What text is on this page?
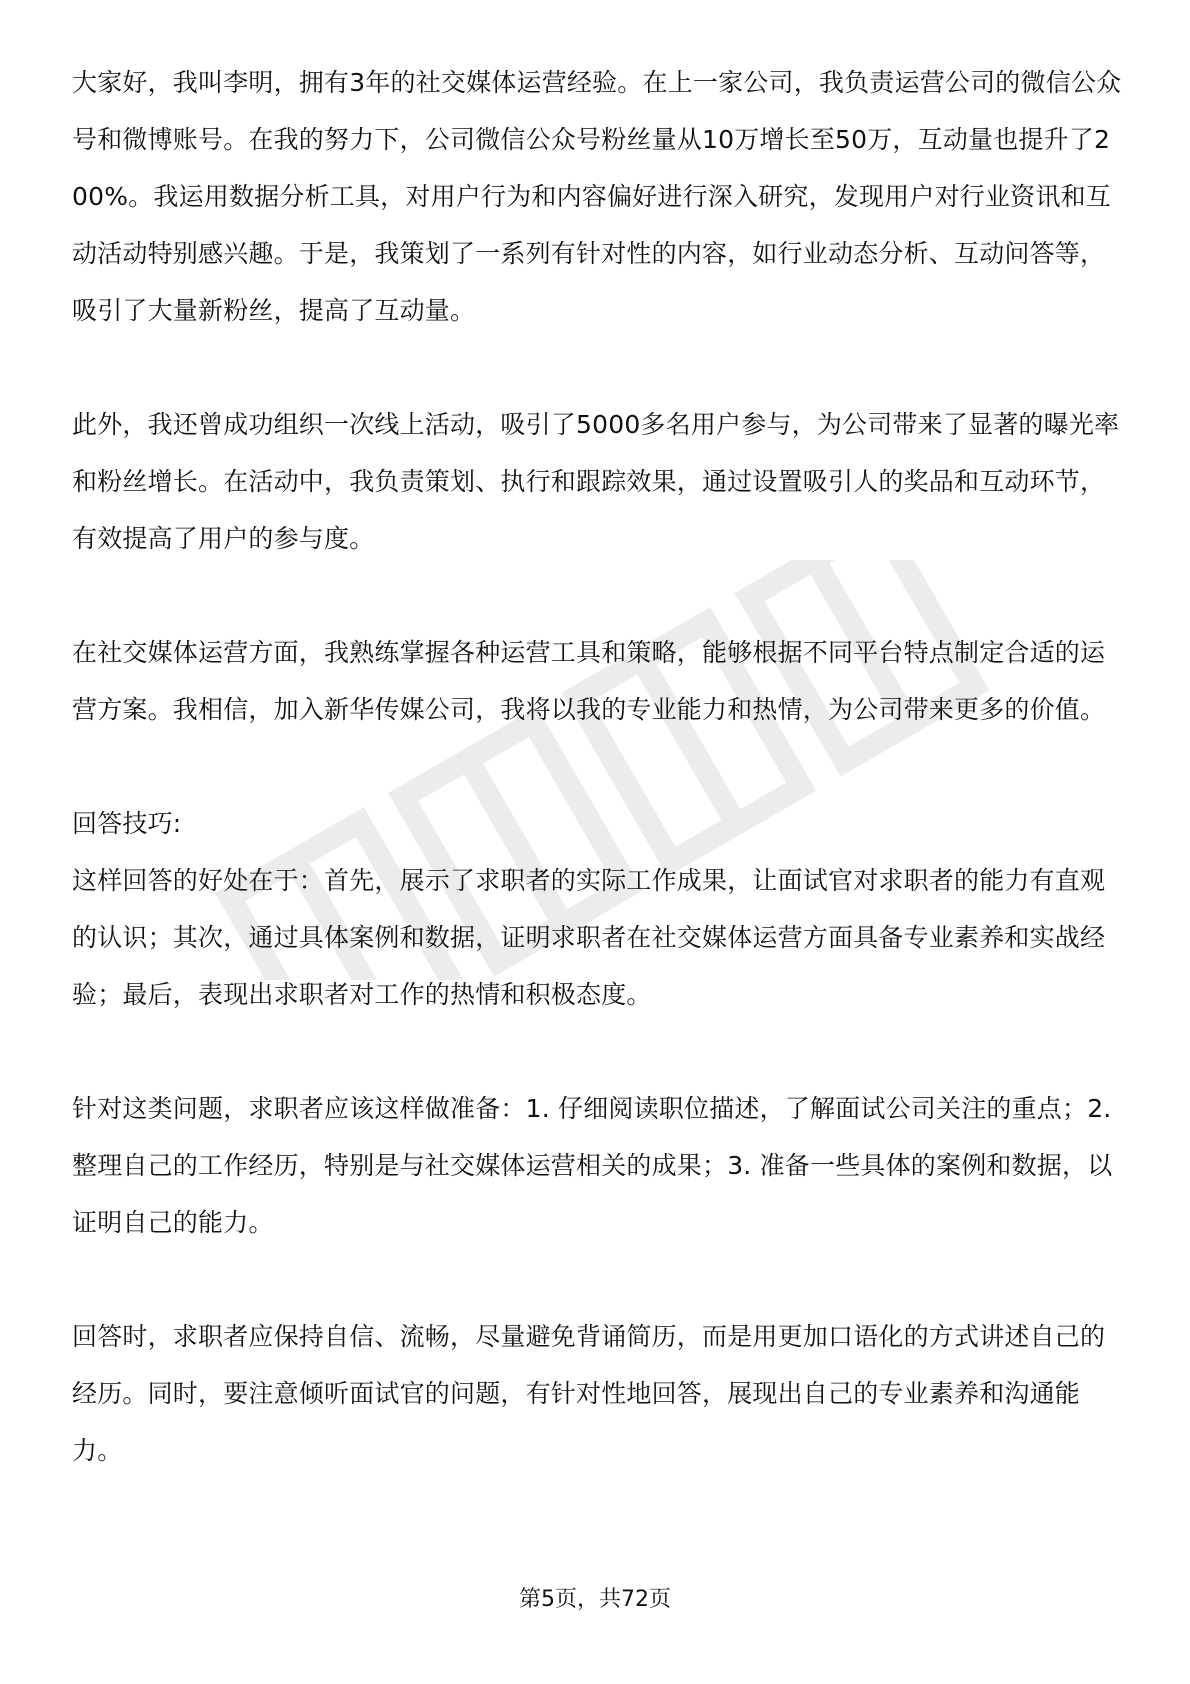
大家好，我叫李明，拥有3年的社交媒体运营经验。在上一家公司，我负责运营公司的微信公众号和微博账号。在我的努力下，公司微信公众号粉丝量从10万增长至50万，互动量也提升了200%。我运用数据分析工具，对用户行为和内容偏好进行深入研究，发现用户对行业资讯和互动活动特别感兴趣。于是，我策划了一系列有针对性的内容，如行业动态分析、互动问答等，吸引了大量新粉丝，提高了互动量。

此外，我还曾成功组织一次线上活动，吸引了5000多名用户参与，为公司带来了显著的曝光率和粉丝增长。在活动中，我负责策划、执行和跟踪效果，通过设置吸引人的奖品和互动环节，有效提高了用户的参与度。

在社交媒体运营方面，我熟练掌握各种运营工具和策略，能够根据不同平台特点制定合适的运营方案。我相信，加入新华传媒公司，我将以我的专业能力和热情，为公司带来更多的价值。

回答技巧:

这样回答的好处在于：首先，展示了求职者的实际工作成果，让面试官对求职者的能力有直观的认识；其次，通过具体案例和数据，证明求职者在社交媒体运营方面具备专业素养和实战经验；最后，表现出求职者对工作的热情和积极态度。

针对这类问题，求职者应该这样做准备：1. 仔细阅读职位描述，了解面试公司关注的重点；2. 整理自己的工作经历，特别是与社交媒体运营相关的成果；3. 准备一些具体的案例和数据，以证明自己的能力。

回答时，求职者应保持自信、流畅，尽量避免背诵简历，而是用更加口语化的方式讲述自己的经历。同时，要注意倾听面试官的问题，有针对性地回答，展现出自己的专业素养和沟通能力。

第5页，共72页
